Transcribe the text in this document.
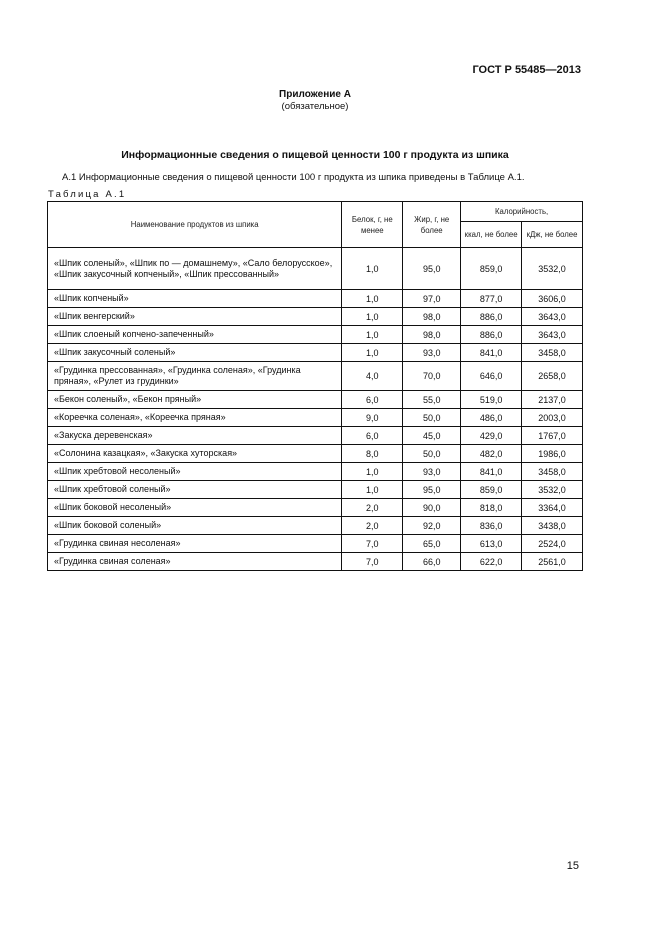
ГОСТ Р 55485—2013
Приложение А
(обязательное)
Информационные сведения о пищевой ценности 100 г продукта из шпика
А.1 Информационные сведения о пищевой ценности 100 г продукта из шпика приведены в Таблице А.1.
Таблица А.1
Наименование продуктов из шпика	Белок, г, не менее	Жир, г, не более	Калорийность,	
			ккал, не более	кДж, не более
«Шпик соленый», «Шпик по — домашнему», «Сало белорусское», «Шпик закусочный копченый», «Шпик прессованный»	1,0	95,0	859,0	3532,0
«Шпик копченый»	1,0	97,0	877,0	3606,0
«Шпик венгерский»	1,0	98,0	886,0	3643,0
«Шпик слоеный копчено-запеченный»	1,0	98,0	886,0	3643,0
«Шпик закусочный соленый»	1,0	93,0	841,0	3458,0
«Грудинка прессованная», «Грудинка соленая», «Грудинка пряная», «Рулет из грудинки»	4,0	70,0	646,0	2658,0
«Бекон соленый», «Бекон пряный»	6,0	55,0	519,0	2137,0
«Кореечка соленая», «Кореечка пряная»	9,0	50,0	486,0	2003,0
«Закуска деревенская»	6,0	45,0	429,0	1767,0
«Солонина казацкая», «Закуска хуторская»	8,0	50,0	482,0	1986,0
«Шпик хребтовой несоленый»	1,0	93,0	841,0	3458,0
«Шпик хребтовой соленый»	1,0	95,0	859,0	3532,0
«Шпик боковой несоленый»	2,0	90,0	818,0	3364,0
«Шпик боковой соленый»	2,0	92,0	836,0	3438,0
«Грудинка свиная несоленая»	7,0	65,0	613,0	2524,0
«Грудинка свиная соленая»	7,0	66,0	622,0	2561,0
15
